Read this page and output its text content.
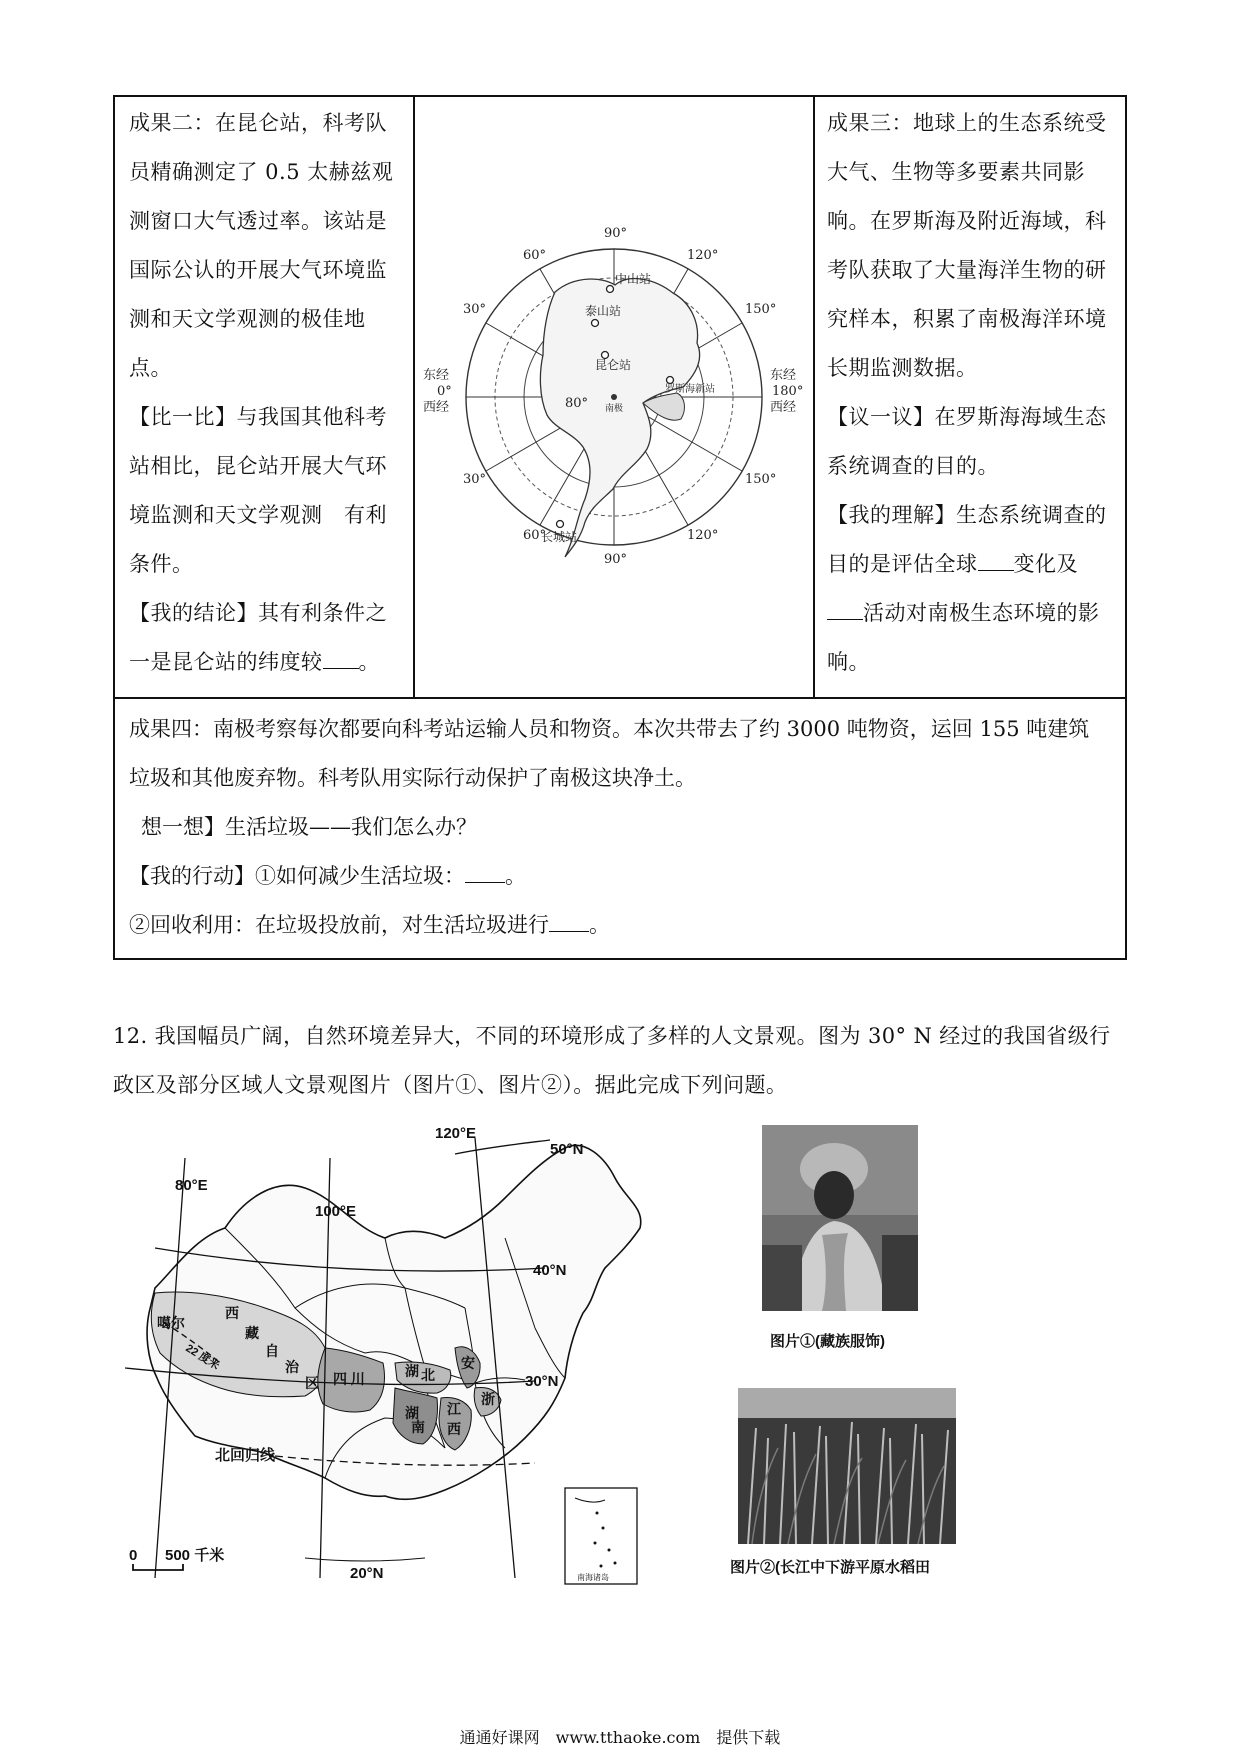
成果二：在昆仑站，科考队

员精确测定了 0.5 太赫兹观

测窗口大气透过率。该站是

国际公认的开展大气环境监

测和天文学观测的极佳地

点。

【比一比】与我国其他科考

站相比，昆仑站开展大气环

境监测和天文学观测　有利

条件。

【我的结论】其有利条件之

一是昆仑站的纬度较 。

90°
60°	120°
30°	150°
30°	150°
60°	120°
90°
东经
0°
西经
东经
180°
西经
中山站
泰山站
昆仑站
罗斯海新站
长城站
80° 南极

成果三：地球上的生态系统受

大气、生物等多要素共同影

响。在罗斯海及附近海域，科

考队获取了大量海洋生物的研

究样本，积累了南极海洋环境

长期监测数据。

【议一议】在罗斯海海域生态

系统调查的目的。

【我的理解】生态系统调查的

目的是评估全球 变化及

活动对南极生态环境的影

响。

成果四：南极考察每次都要向科考站运输人员和物资。本次共带去了约 3000 吨物资，运回 155 吨建筑

垃圾和其他废弃物。科考队用实际行动保护了南极这块净土。

想一想】生活垃圾——我们怎么办？

【我的行动】①如何减少生活垃圾： 。

②回收利用：在垃圾投放前，对生活垃圾进行 。

12. 我国幅员广阔，自然环境差异大，不同的环境形成了多样的人文景观。图为 30° N 经过的我国省级行

政区及部分区域人文景观图片（图片①、图片②）。据此完成下列问题。

80°E
100°E
120°E
50°N
40°N
30°N
20°N
北回归线
0 500 千米
噶尔
西
藏
自
治
区 四 川	湖 北
安
湖
南
江
西
浙
22 度米
南海诸岛
图片①(藏族服饰)
图片②(长江中下游平原水稻田
通通好课网　www.tthaoke.com　提供下载
